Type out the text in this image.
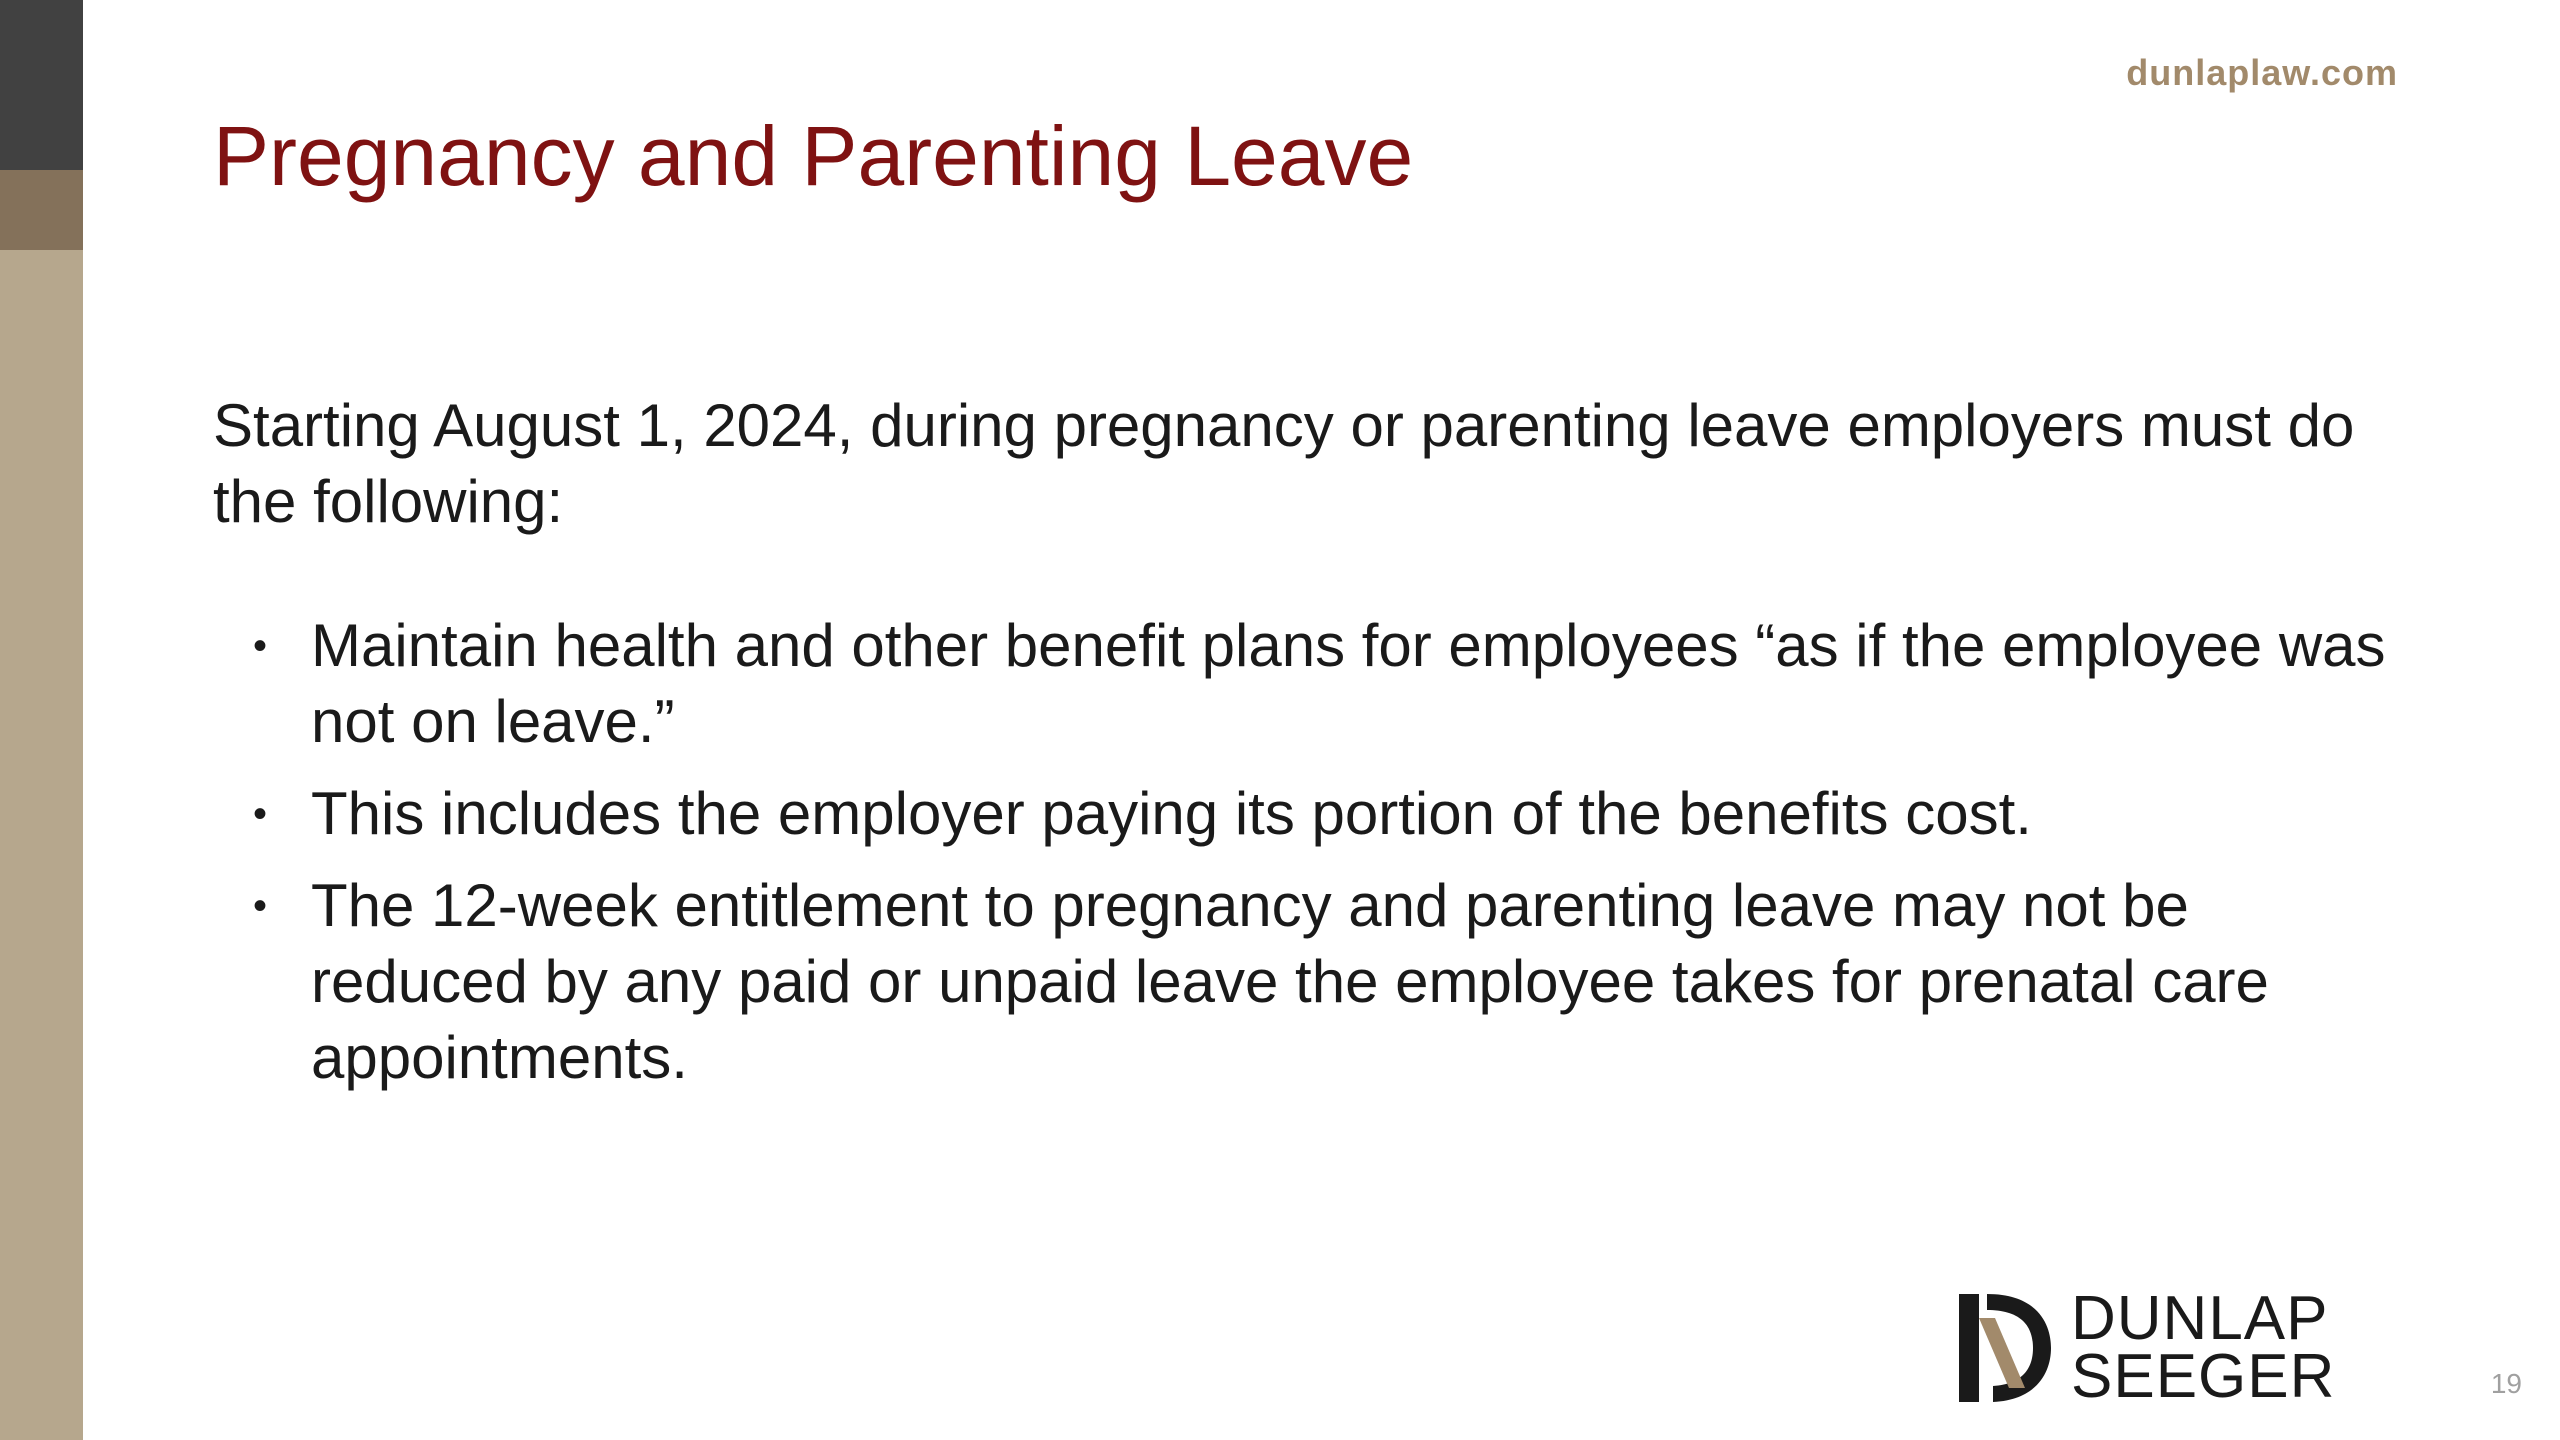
dunlaplaw.com
Pregnancy and Parenting Leave

Starting August 1, 2024, during pregnancy or parenting leave employers must do the following:

• Maintain health and other benefit plans for employees “as if the employee was not on leave.”
• This includes the employer paying its portion of the benefits cost.
• The 12-week entitlement to pregnancy and parenting leave may not be reduced by any paid or unpaid leave the employee takes for prenatal care appointments.
DUNLAP
SEEGER	19
